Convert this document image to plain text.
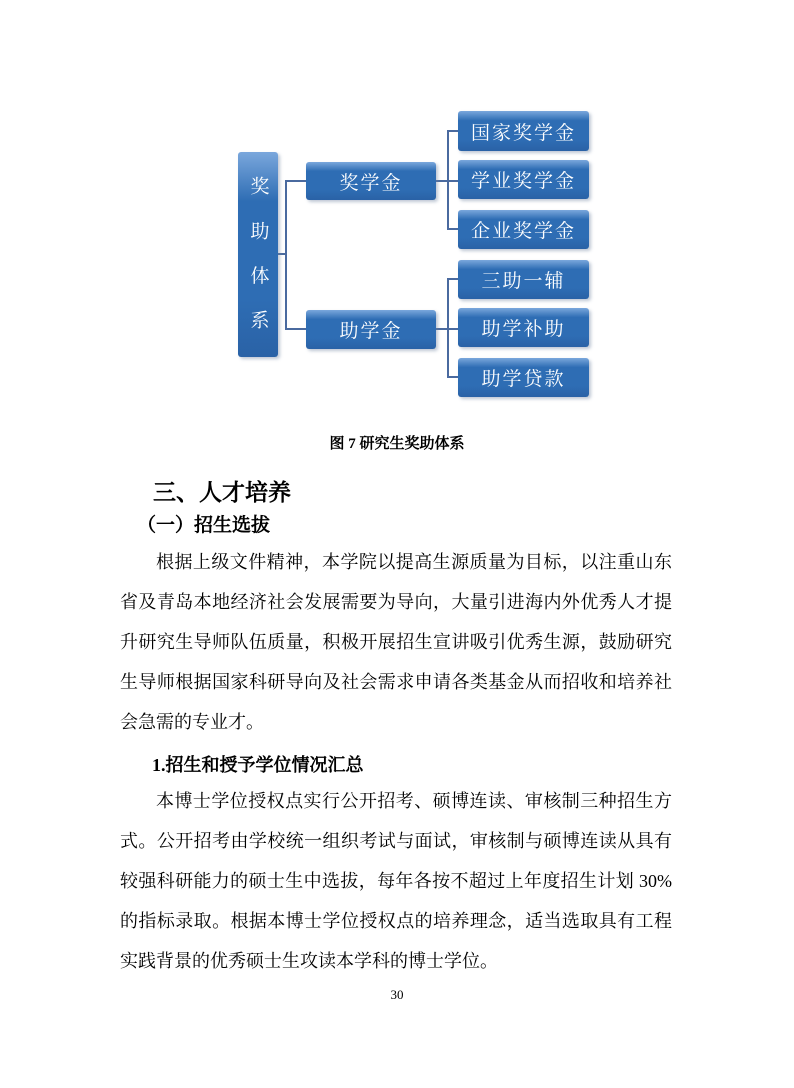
奖助体系	奖学金
助学金
国家奖学金
学业奖学金
企业奖学金
三助一辅
助学补助
助学贷款
图 7 研究生奖助体系
三、人才培养
（一）招生选拔
根据上级文件精神，本学院以提高生源质量为目标，以注重山东省及青岛本地经济社会发展需要为导向，大量引进海内外优秀人才提升研究生导师队伍质量，积极开展招生宣讲吸引优秀生源，鼓励研究生导师根据国家科研导向及社会需求申请各类基金从而招收和培养社会急需的专业才。
1.招生和授予学位情况汇总
本博士学位授权点实行公开招考、硕博连读、审核制三种招生方式。公开招考由学校统一组织考试与面试，审核制与硕博连读从具有较强科研能力的硕士生中选拔，每年各按不超过上年度招生计划 30%的指标录取。根据本博士学位授权点的培养理念，适当选取具有工程实践背景的优秀硕士生攻读本学科的博士学位。
30
